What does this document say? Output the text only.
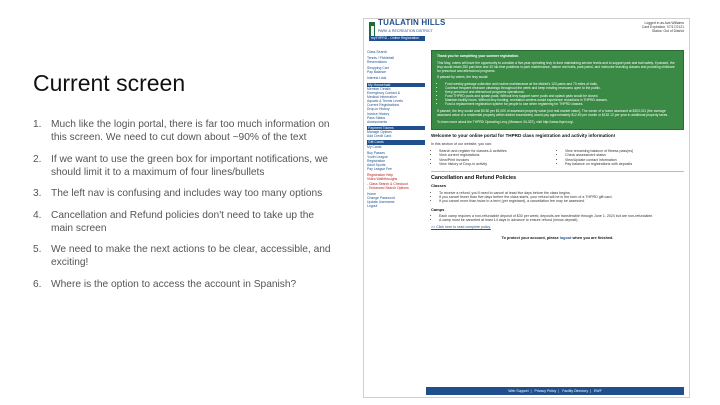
Current screen
1. Much like the login portal, there is far too much information on this screen. We need to cut down about ~90% of the text
2. If we want to use the green box for important notifications, we should limit it to a maximum of four lines/bullets
3. The left nav is confusing and includes way too many options
4. Cancellation and Refund policies don't need to take up the main screen
5. We need to make the next actions to be clear, accessible, and exciting!
6. Where is the option to access the account in Spanish?
TUALATIN HILLS
PARK & RECREATION DISTRICT
myTHPRD - Online Registration
Logged in as Ava Williams
Card Expiration: 07/17/2121
Status: Out of District
Class Search
Tennis / Pickleball
Reservations
Shopping Cart
Pay Balance
Interest Lists
My Household
Member Details
Emergency Contact &
Medical Information
Aquatic & Tennis Levels
Current Registrations
Drop-in History
Invoice History
Pass Status
Assessments
Payment Tokens
Manage Options
Add Credit Card
Gift Cards
My Cards
Buy Passes
Youth League
Registration
Adult Sports
Pay League Fee
Registration Help
Video Walkthroughs
- Class Search & Checkout
- Enhanced Search Options
Home
Change Password
Update Username
Logout

Thank you for completing your summer registration.

This May, voters will have the opportunity to consider a five-year operating levy to fund maintaining service levels and to support park and trail safety. If passed, the levy would retain 250 part-time and 30 full-time positions in park maintenance, nature and trails, park patrol, and instructor teaching classes and providing childcare for preschool and afterschool programs.

If passed by voters, the levy would:

• Fund weekly garbage collection and routine maintenance at the district's 120 parks and 70 miles of trails.
• Continue frequent restroom cleanings throughout the week and keep existing restrooms open to the public.
• Keep preschool and afterschool programs operational.
• Fund THPRD pools and splash pads. Without levy support some pools and splash pads would be closed.
• Maintain facility hours. Without levy funding, recreation centers would experience reductions in THPRD classes.
• Fund a replacement registration system for people to use when registering for THPRD classes.

If passed, the levy would cost $0.50 per $1,000 of assessed property value (not real market value). The owner of a home assessed at $303,021 (the average assessed value of a residential property within district boundaries) would pay approximately $12.69 per month or $152.12 per year in additional property taxes.

To learn more about the THPRD Operating Levy (Measure 34-337), visit http://www.thprd.org/.

Welcome to your online portal for THPRD class registration and activity information!
In this section of our website, you can:
• Search and register for classes & activities
• View current registrations
• View/Print invoices
• View history of Drop-in activity
• View remaining balance of fitness pass(es)
• Check assessment status
• View/Update contact information
• Pay balance on registrations with deposits
Cancellation and Refund Policies
Classes
• To receive a refund, you'll need to cancel at least five days before the class begins.
• If you cancel fewer than five days before the class starts, your refund will be in the form of a THPRD gift card.
• If you cancel more than twice in a term (per registrant), a cancellation fee may be assessed.
Camps
• Each camp requires a non-refundable deposit of $30 per week; deposits are transferable through June 1, 2024 but are non-refundable.
• A camp must be canceled at least 14 days in advance to ensure refund (minus deposit).
>> Click here to read complete policy.
To protect your account, please logout when you are finished.
Web Support | Privacy Policy | Facility Directory | EWF
